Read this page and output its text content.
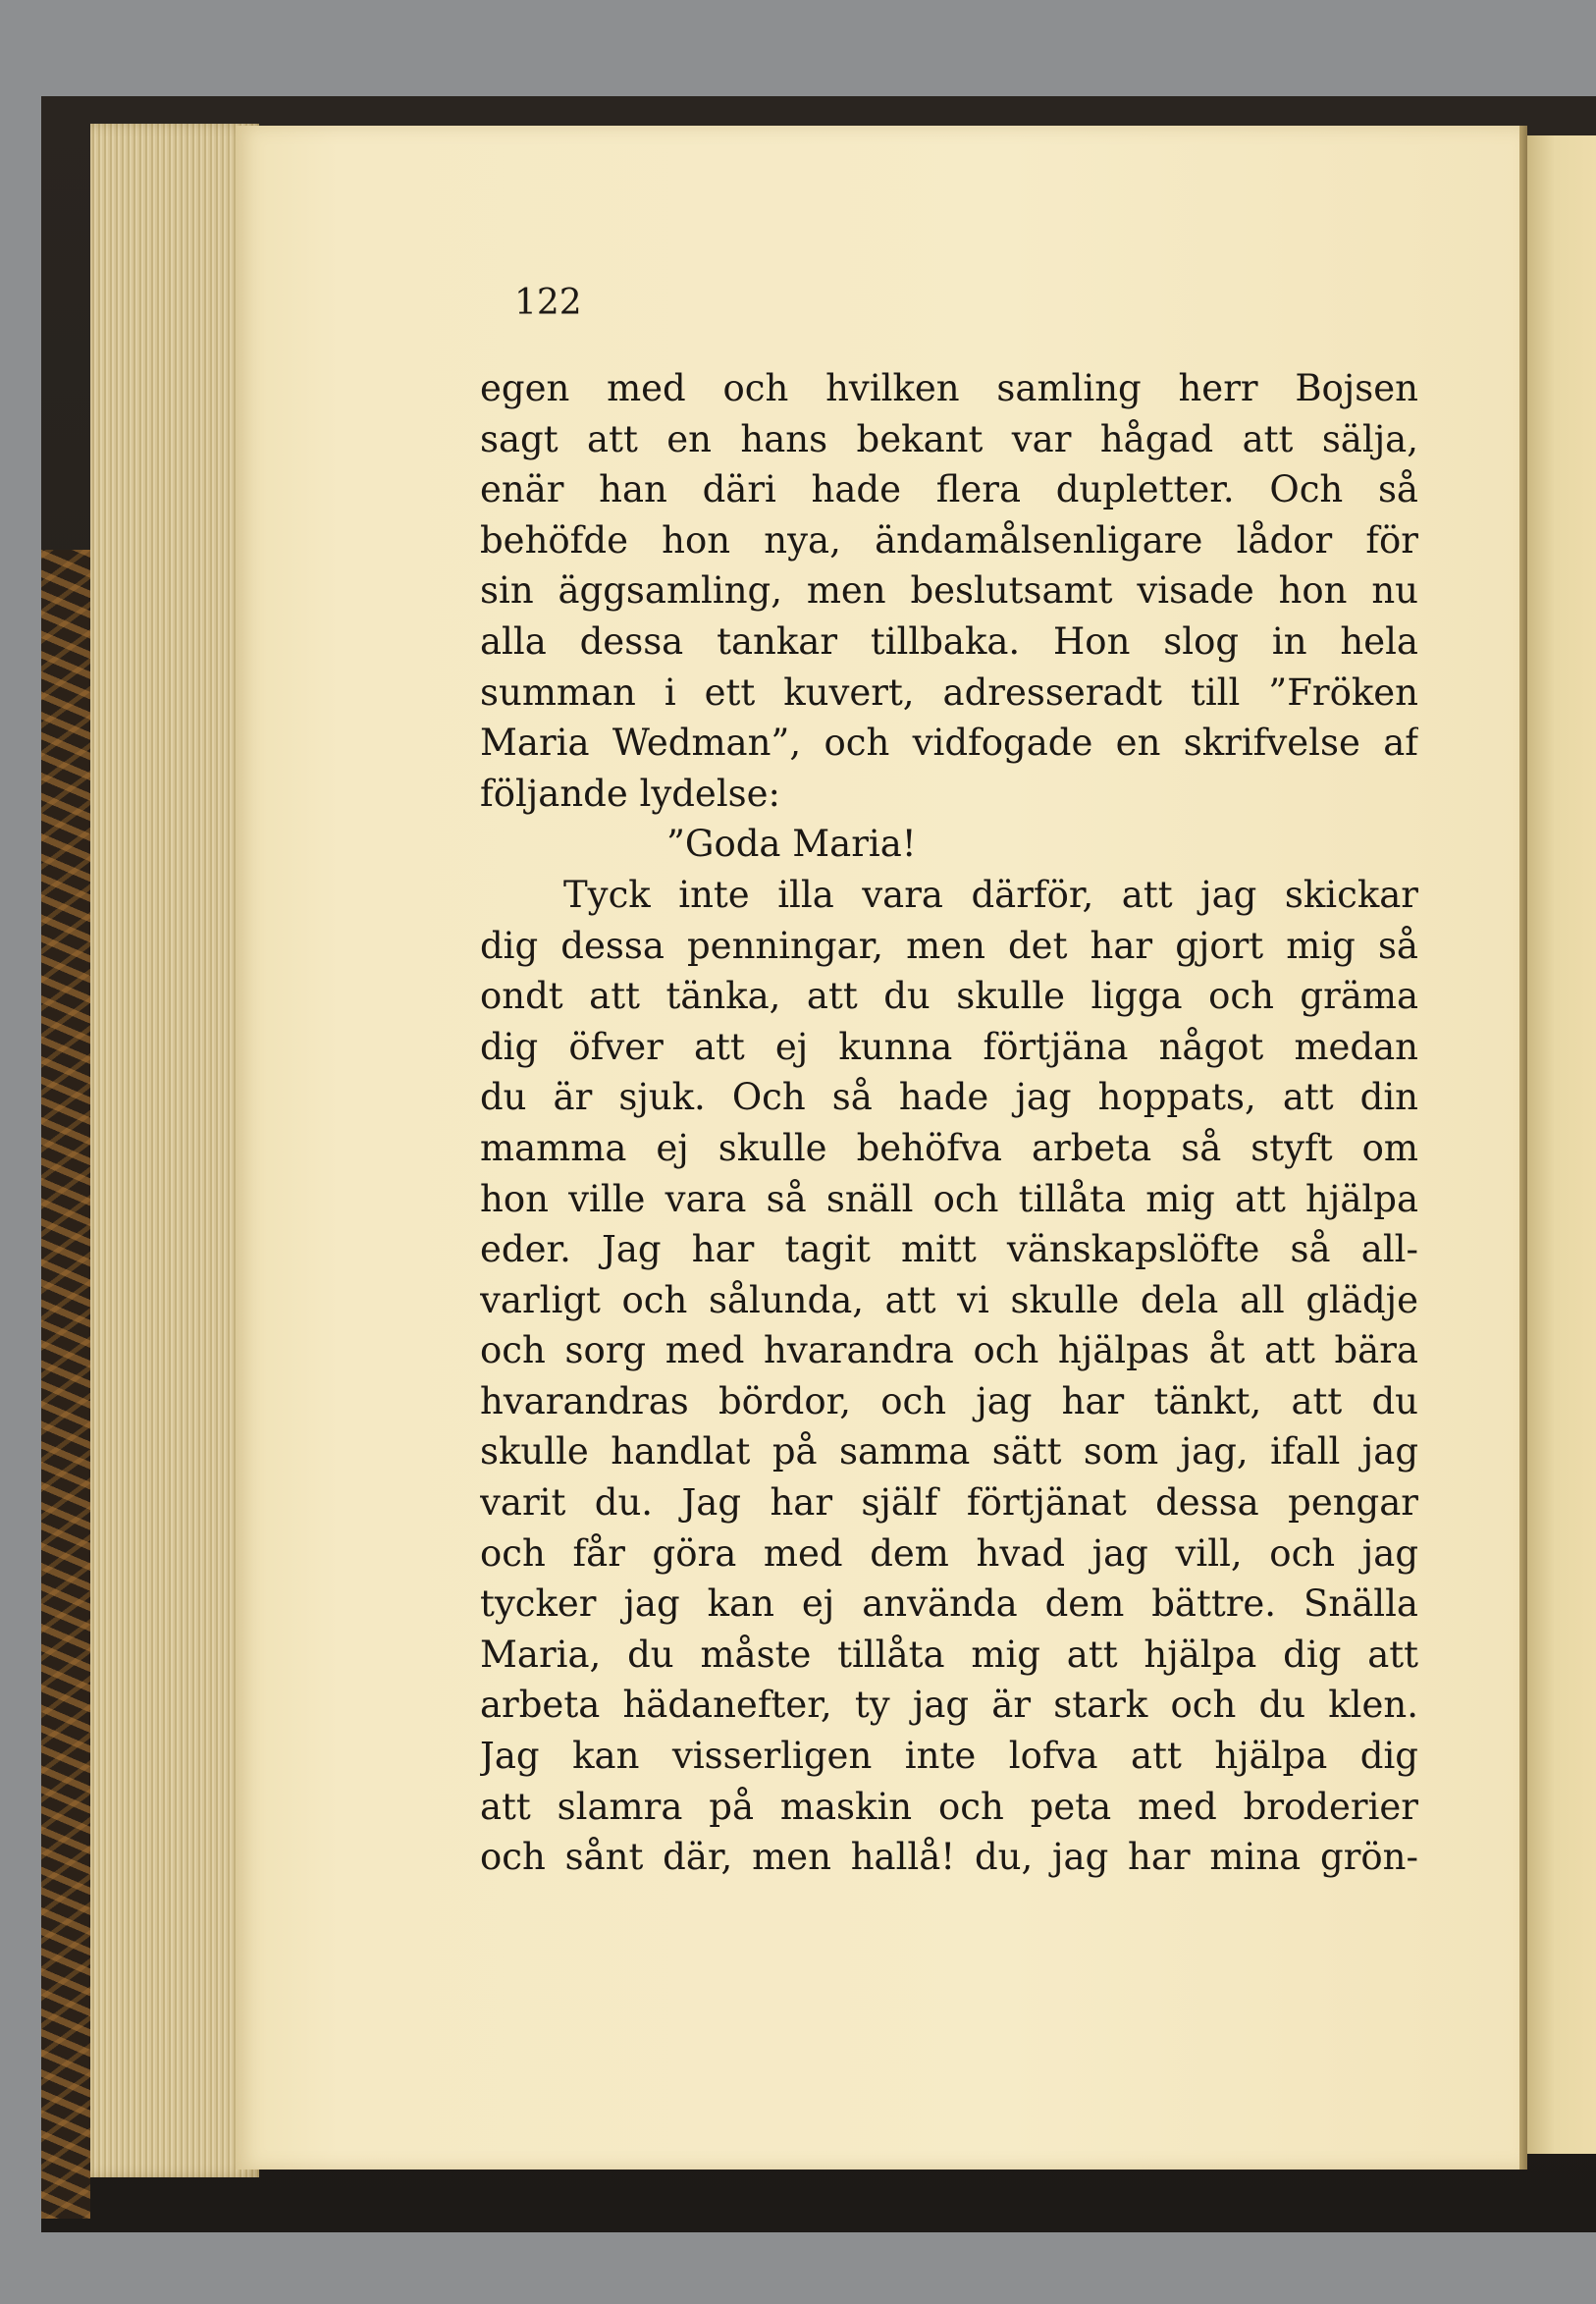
122
egen med och hvilken samling herr Bojsen
sagt att en hans bekant var hågad att sälja,
enär han däri hade flera dupletter. Och så
behöfde hon nya, ändamålsenligare lådor för
sin äggsamling, men beslutsamt visade hon nu
alla dessa tankar tillbaka. Hon slog in hela
summan i ett kuvert, adresseradt till ”Fröken
Maria Wedman”, och vidfogade en skrifvelse af
följande lydelse:
”Goda Maria!
Tyck inte illa vara därför, att jag skickar
dig dessa penningar, men det har gjort mig så
ondt att tänka, att du skulle ligga och gräma
dig öfver att ej kunna förtjäna något medan
du är sjuk. Och så hade jag hoppats, att din
mamma ej skulle behöfva arbeta så styft om
hon ville vara så snäll och tillåta mig att hjälpa
eder. Jag har tagit mitt vänskapslöfte så all-
varligt och sålunda, att vi skulle dela all glädje
och sorg med hvarandra och hjälpas åt att bära
hvarandras bördor, och jag har tänkt, att du
skulle handlat på samma sätt som jag, ifall jag
varit du. Jag har själf förtjänat dessa pengar
och får göra med dem hvad jag vill, och jag
tycker jag kan ej använda dem bättre. Snälla
Maria, du måste tillåta mig att hjälpa dig att
arbeta hädanefter, ty jag är stark och du klen.
Jag kan visserligen inte lofva att hjälpa dig
att slamra på maskin och peta med broderier
och sånt där, men hallå! du, jag har mina grön-
